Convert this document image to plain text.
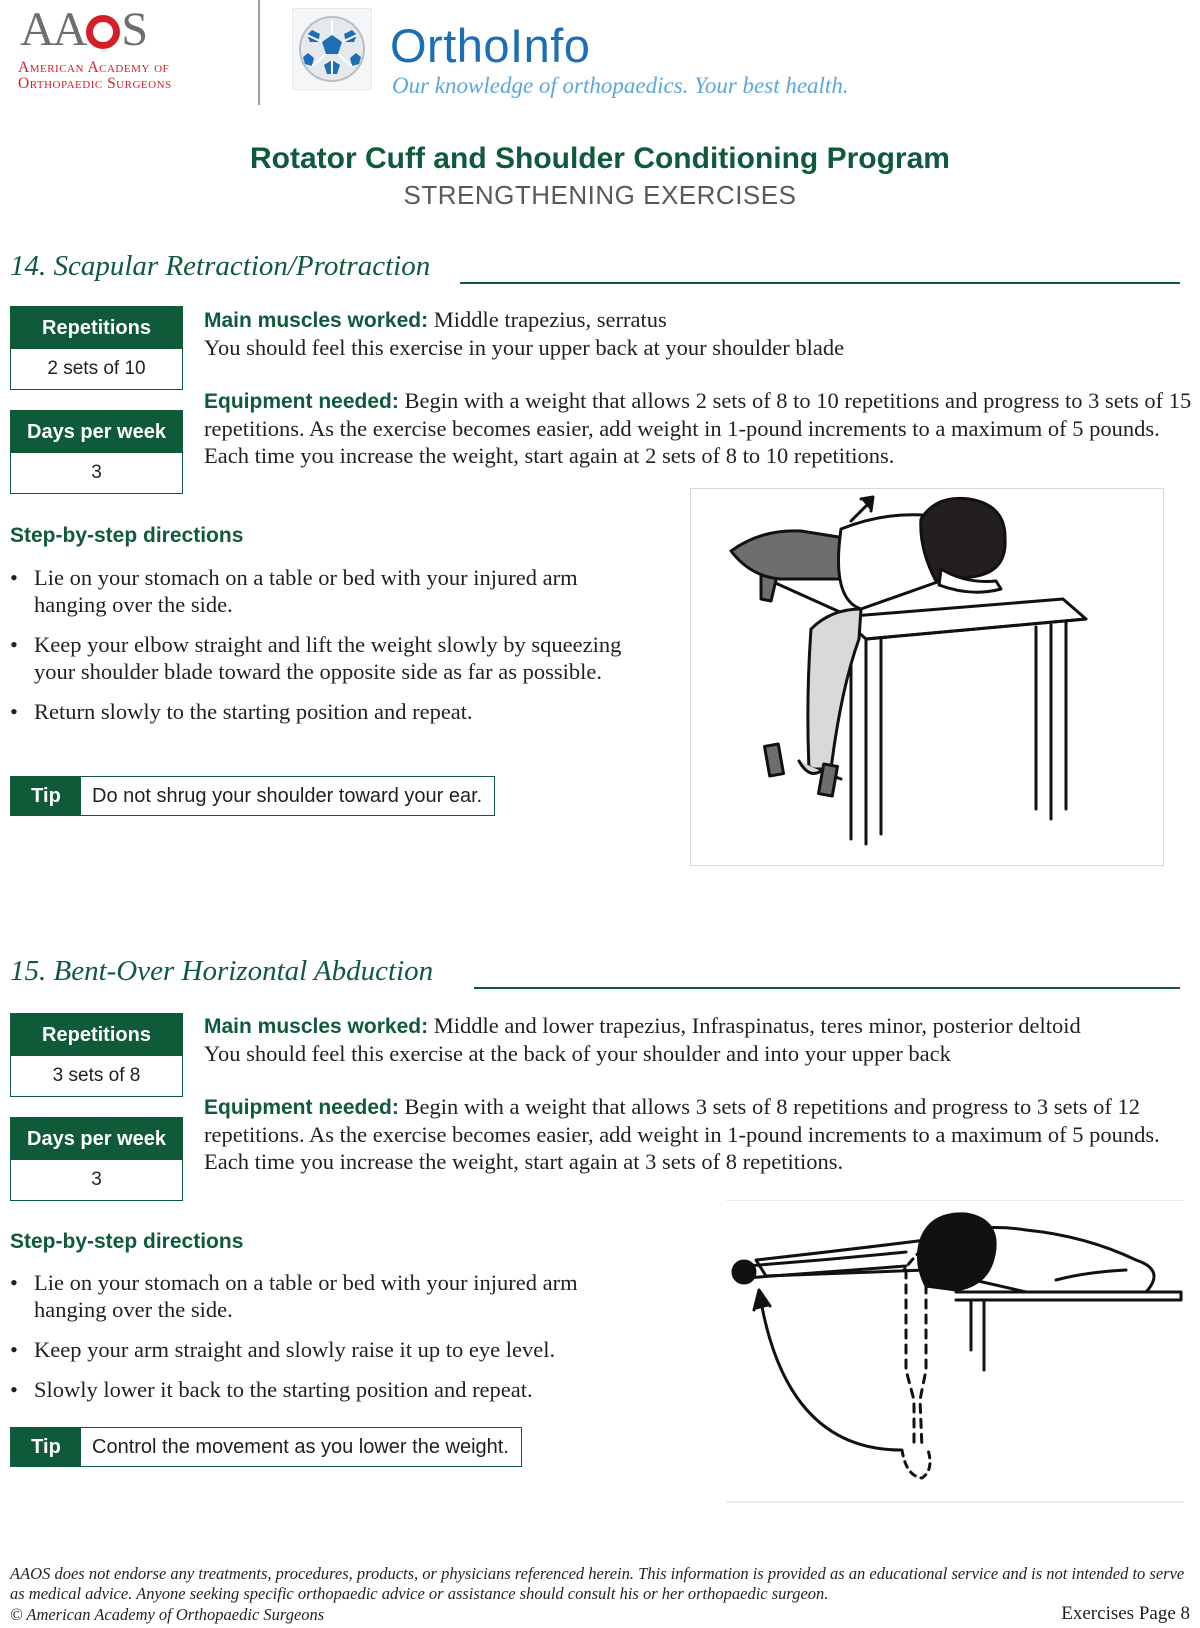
AA S
American Academy of
Orthopaedic Surgeons
OrthoInfo
Our knowledge of orthopaedics. Your best health.
Rotator Cuff and Shoulder Conditioning Program
STRENGTHENING EXERCISES
14. Scapular Retraction/Protraction
Repetitions
2 sets of 10
Days per week
3
Main muscles worked: Middle trapezius, serratus
You should feel this exercise in your upper back at your shoulder blade
Equipment needed: Begin with a weight that allows 2 sets of 8 to 10 repetitions and progress to 3 sets of 15 repetitions. As the exercise becomes easier, add weight in 1-pound increments to a maximum of 5 pounds. Each time you increase the weight, start again at 2 sets of 8 to 10 repetitions.
Step-by-step directions
• Lie on your stomach on a table or bed with your injured arm hanging over the side.
• Keep your elbow straight and lift the weight slowly by squeezing your shoulder blade toward the opposite side as far as possible.
• Return slowly to the starting position and repeat.
Tip	Do not shrug your shoulder toward your ear.
15. Bent-Over Horizontal Abduction
Repetitions
3 sets of 8
Days per week
3
Main muscles worked: Middle and lower trapezius, Infraspinatus, teres minor, posterior deltoid
You should feel this exercise at the back of your shoulder and into your upper back
Equipment needed: Begin with a weight that allows 3 sets of 8 repetitions and progress to 3 sets of 12 repetitions. As the exercise becomes easier, add weight in 1-pound increments to a maximum of 5 pounds. Each time you increase the weight, start again at 3 sets of 8 repetitions.
Step-by-step directions
• Lie on your stomach on a table or bed with your injured arm hanging over the side.
• Keep your arm straight and slowly raise it up to eye level.
• Slowly lower it back to the starting position and repeat.
Tip	Control the movement as you lower the weight.
AAOS does not endorse any treatments, procedures, products, or physicians referenced herein. This information is provided as an educational service and is not intended to serve as medical advice. Anyone seeking specific orthopaedic advice or assistance should consult his or her orthopaedic surgeon.
© American Academy of Orthopaedic Surgeons	Exercises Page 8
